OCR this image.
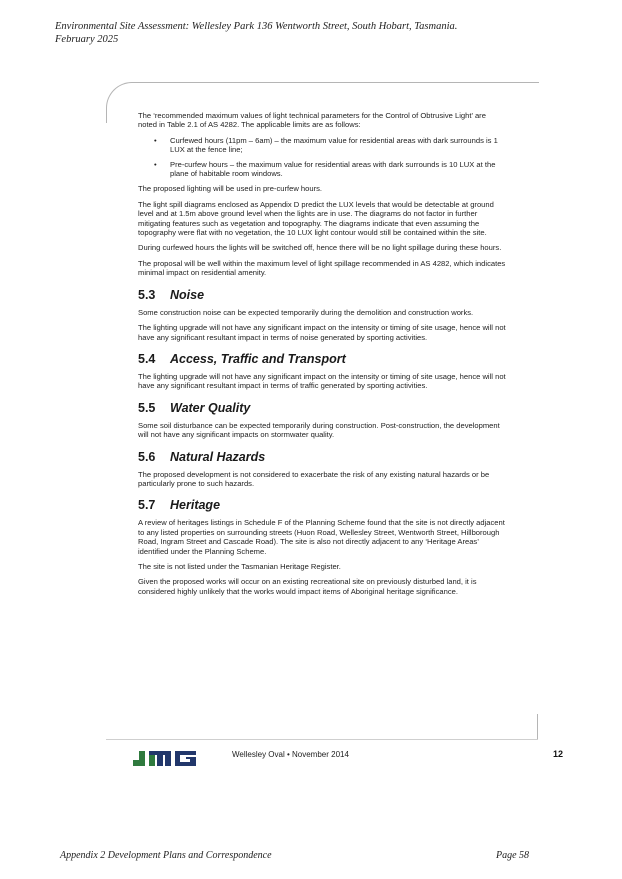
Environmental Site Assessment: Wellesley Park 136 Wentworth Street, South Hobart, Tasmania.
February 2025

The ‘recommended maximum values of light technical parameters for the Control of Obtrusive Light’ are noted in Table 2.1 of AS 4282. The applicable limits are as follows:

• Curfewed hours (11pm – 6am) – the maximum value for residential areas with dark surrounds is 1 LUX at the fence line;
• Pre-curfew hours – the maximum value for residential areas with dark surrounds is 10 LUX at the plane of habitable room windows.

The proposed lighting will be used in pre-curfew hours.

The light spill diagrams enclosed as Appendix D predict the LUX levels that would be detectable at ground level and at 1.5m above ground level when the lights are in use. The diagrams do not factor in further mitigating features such as vegetation and topography. The diagrams indicate that even assuming the topography were flat with no vegetation, the 10 LUX light contour would still be contained within the site.

During curfewed hours the lights will be switched off, hence there will be no light spillage during these hours.

The proposal will be well within the maximum level of light spillage recommended in AS 4282, which indicates minimal impact on residential amenity.

5.3 Noise

Some construction noise can be expected temporarily during the demolition and construction works.

The lighting upgrade will not have any significant impact on the intensity or timing of site usage, hence will not have any significant resultant impact in terms of noise generated by sporting activities.

5.4 Access, Traffic and Transport

The lighting upgrade will not have any significant impact on the intensity or timing of site usage, hence will not have any significant resultant impact in terms of traffic generated by sporting activities.

5.5 Water Quality

Some soil disturbance can be expected temporarily during construction. Post-construction, the development will not have any significant impacts on stormwater quality.

5.6 Natural Hazards

The proposed development is not considered to exacerbate the risk of any existing natural hazards or be particularly prone to such hazards.

5.7 Heritage

A review of heritages listings in Schedule F of the Planning Scheme found that the site is not directly adjacent to any listed properties on surrounding streets (Huon Road, Wellesley Street, Wentworth Street, Hillborough Road, Ingram Street and Cascade Road). The site is also not directly adjacent to any ‘Heritage Areas’ identified under the Planning Scheme.

The site is not listed under the Tasmanian Heritage Register.

Given the proposed works will occur on an existing recreational site on previously disturbed land, it is considered highly unlikely that the works would impact items of Aboriginal heritage significance.

Wellesley Oval • November 2014	12
Appendix 2 Development Plans and Correspondence	Page 58
